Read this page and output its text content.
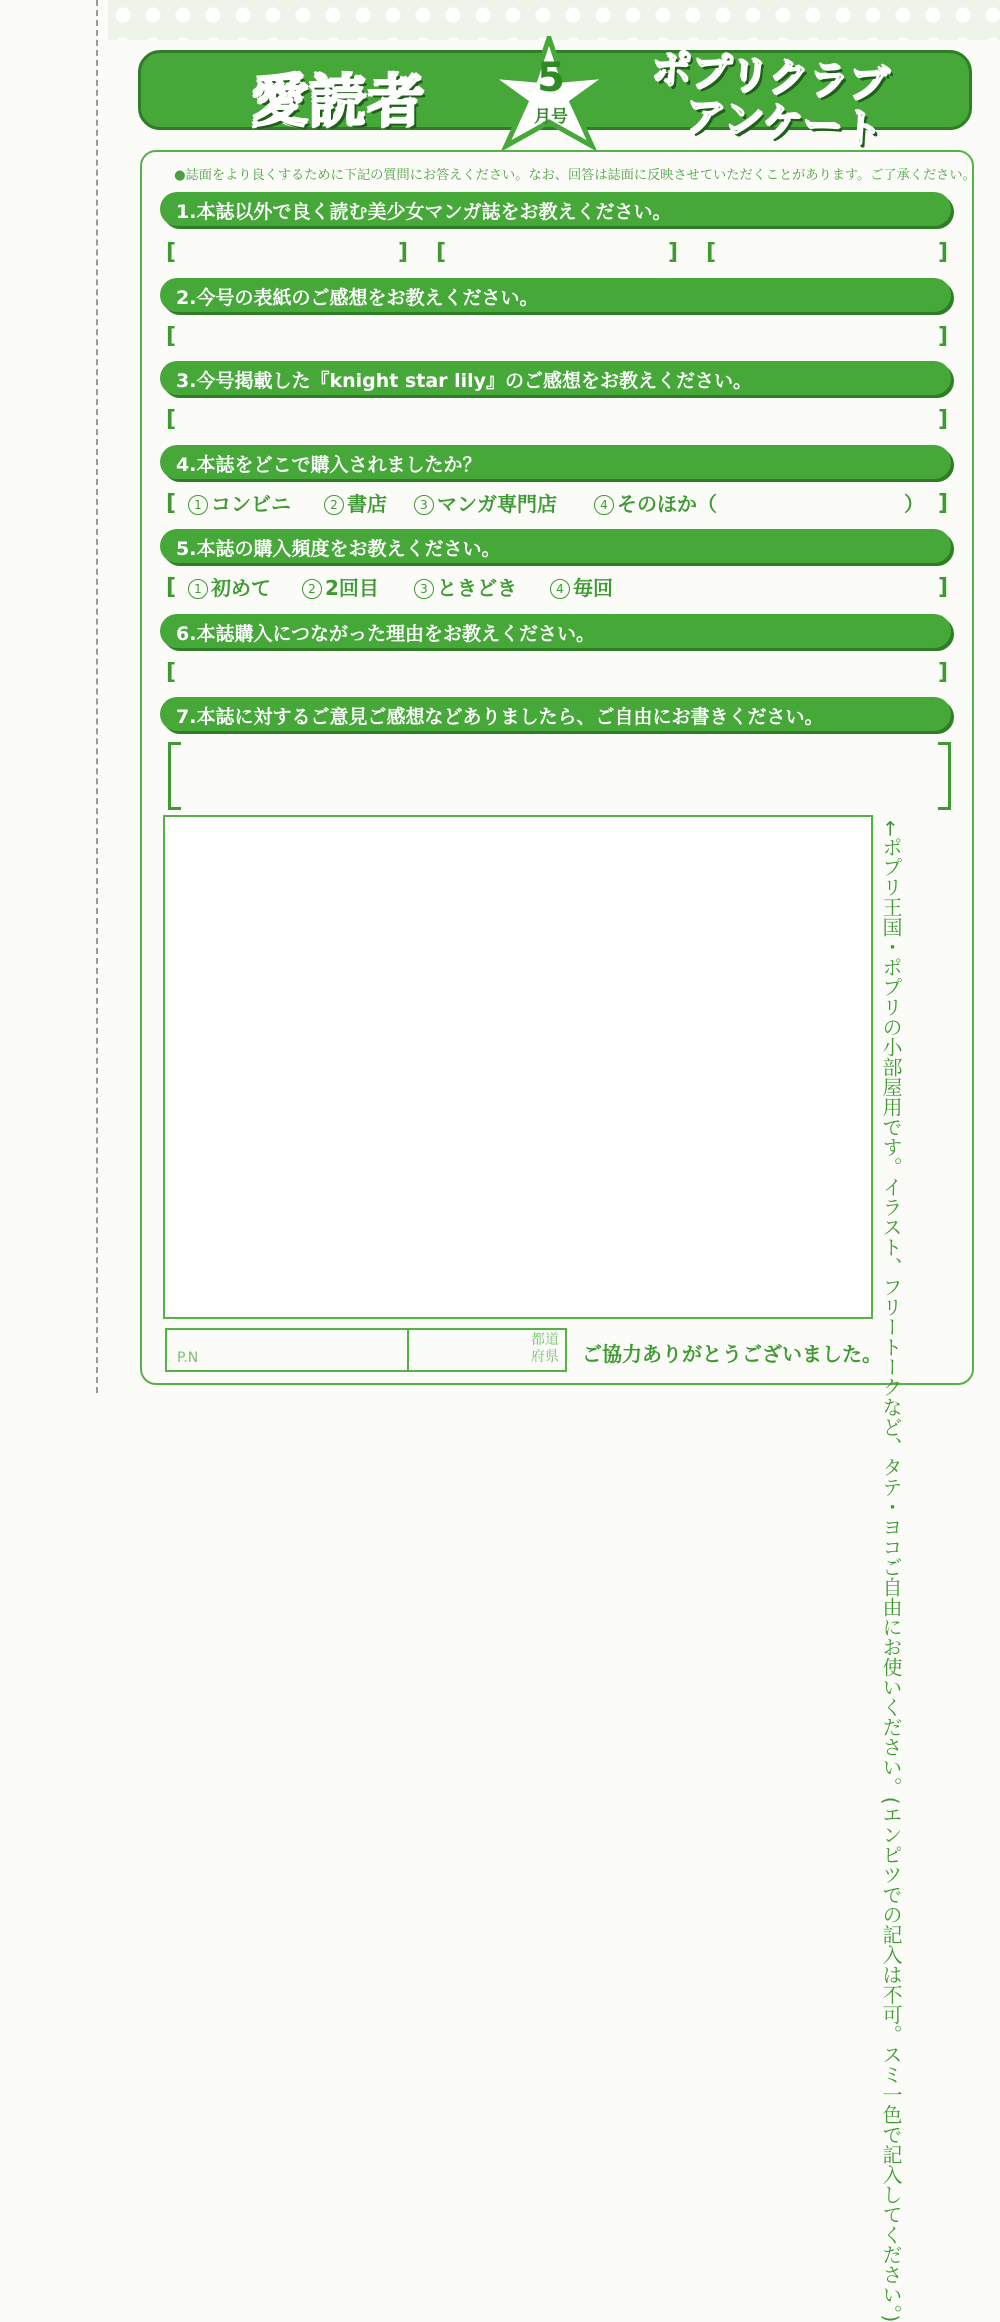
愛読者	5
月号
ポプリクラブ
アンケート
●誌面をより良くするために下記の質問にお答えください。なお、回答は誌面に反映させていただくことがあります。ご了承ください。
1.本誌以外で良く読む美少女マンガ誌をお教えください。
[	] [	] [	]
2.今号の表紙のご感想をお教えください。
[	]
3.今号掲載した『knight star lily』のご感想をお教えください。
[	]
4.本誌をどこで購入されましたか？
[	1 コンビニ	2 書店	3 マンガ専門店	4 そのほか（	） ]
5.本誌の購入頻度をお教えください。
[	1 初めて	2 2回目	3 ときどき	4 毎回	]
6.本誌購入につながった理由をお教えください。
[	]
7.本誌に対するご意見ご感想などありましたら、ご自由にお書きください。
←ポプリ王国・ポプリの小部屋用です。イラスト、フリートークなど、タテ・ヨコご自由にお使いください。(エンピツでの記入は不可。スミ一色で記入してください。)
P.N
都道府県	ご協力ありがとうございました。
